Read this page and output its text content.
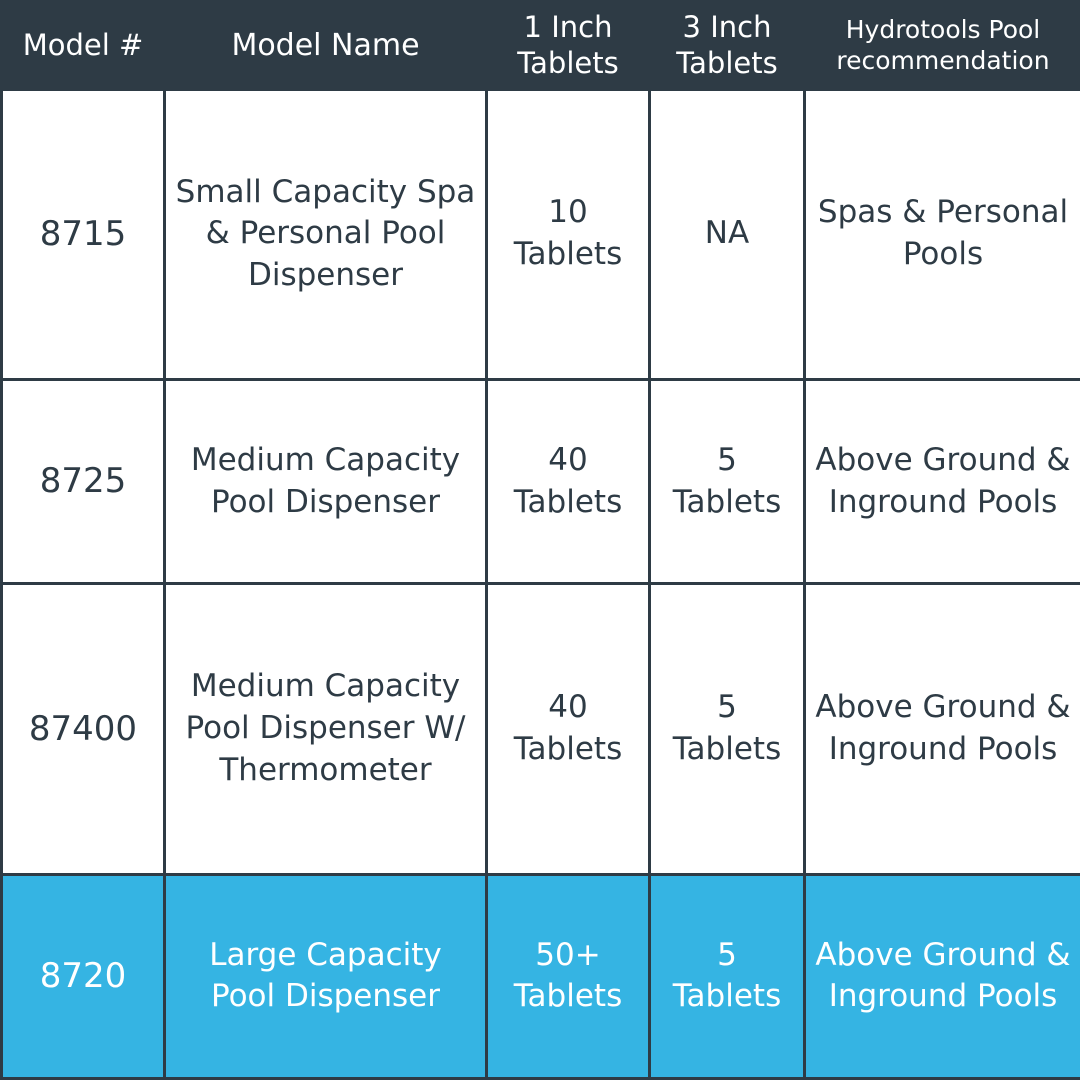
Model #	Model Name	1 Inch Tablets	3 Inch Tablets	Hydrotools Pool recommendation
8715	Small Capacity Spa & Personal Pool Dispenser	10 Tablets	NA	Spas & Personal Pools
8725	Medium Capacity Pool Dispenser	40 Tablets	5 Tablets	Above Ground & Inground Pools
87400	Medium Capacity Pool Dispenser W/ Thermometer	40 Tablets	5 Tablets	Above Ground & Inground Pools
8720	Large Capacity Pool Dispenser	50+ Tablets	5 Tablets	Above Ground & Inground Pools
